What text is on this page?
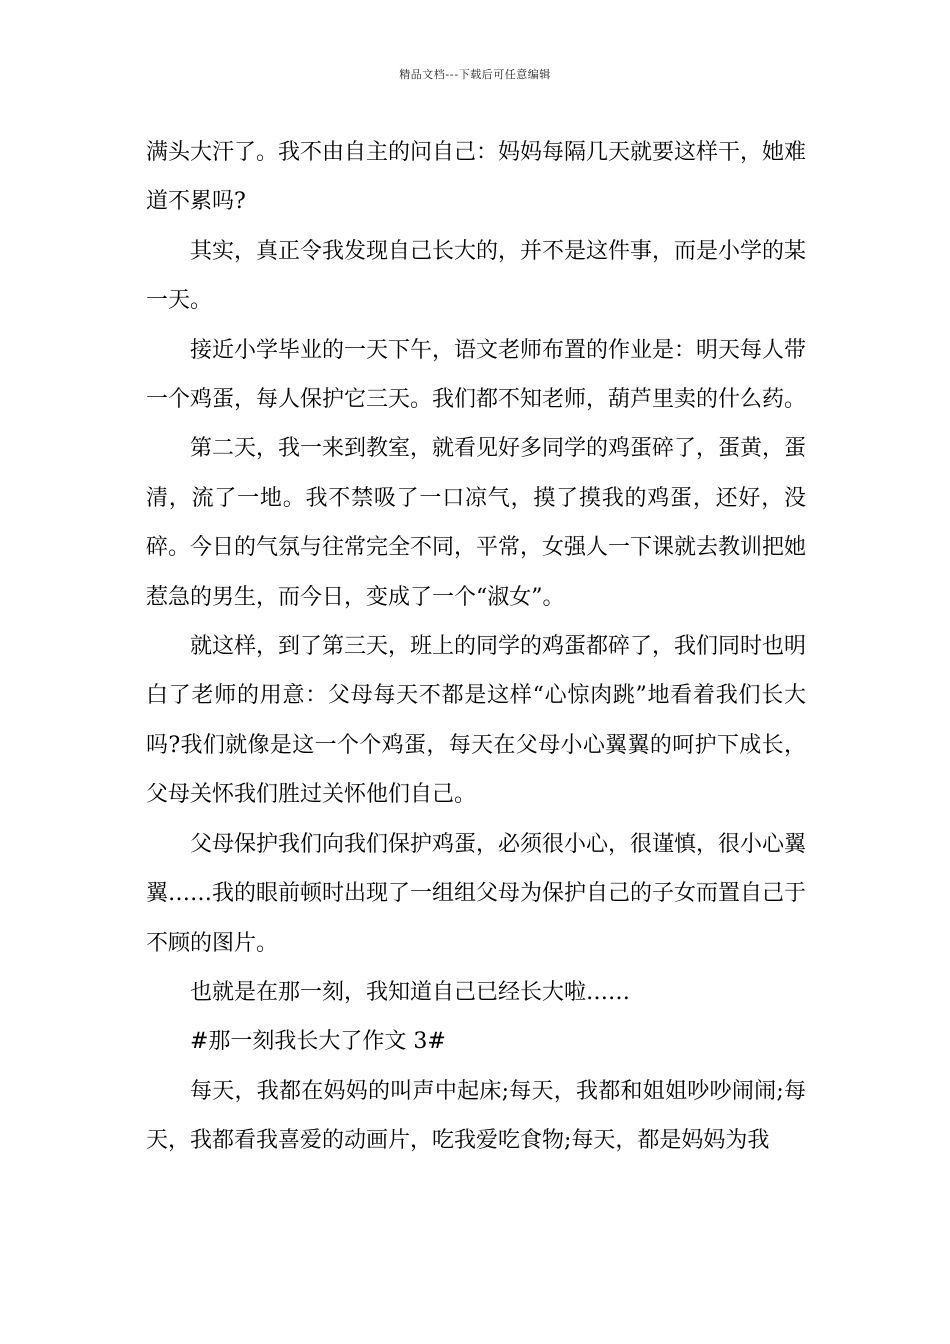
精品文档---下载后可任意编辑

满头大汗了。我不由自主的问自己：妈妈每隔几天就要这样干，她难道不累吗?

其实，真正令我发现自己长大的，并不是这件事，而是小学的某一天。

接近小学毕业的一天下午，语文老师布置的作业是：明天每人带一个鸡蛋，每人保护它三天。我们都不知老师，葫芦里卖的什么药。

第二天，我一来到教室，就看见好多同学的鸡蛋碎了，蛋黄，蛋清，流了一地。我不禁吸了一口凉气，摸了摸我的鸡蛋，还好，没碎。今日的气氛与往常完全不同，平常，女强人一下课就去教训把她惹急的男生，而今日，变成了一个“淑女”。

就这样，到了第三天，班上的同学的鸡蛋都碎了，我们同时也明白了老师的用意：父母每天不都是这样“心惊肉跳”地看着我们长大吗?我们就像是这一个个鸡蛋，每天在父母小心翼翼的呵护下成长，父母关怀我们胜过关怀他们自己。

父母保护我们向我们保护鸡蛋，必须很小心，很谨慎，很小心翼翼……我的眼前顿时出现了一组组父母为保护自己的子女而置自己于不顾的图片。

也就是在那一刻，我知道自己已经长大啦……

#那一刻我长大了作文 3#

每天，我都在妈妈的叫声中起床;每天，我都和姐姐吵吵闹闹;每天，我都看我喜爱的动画片，吃我爱吃食物;每天，都是妈妈为我
